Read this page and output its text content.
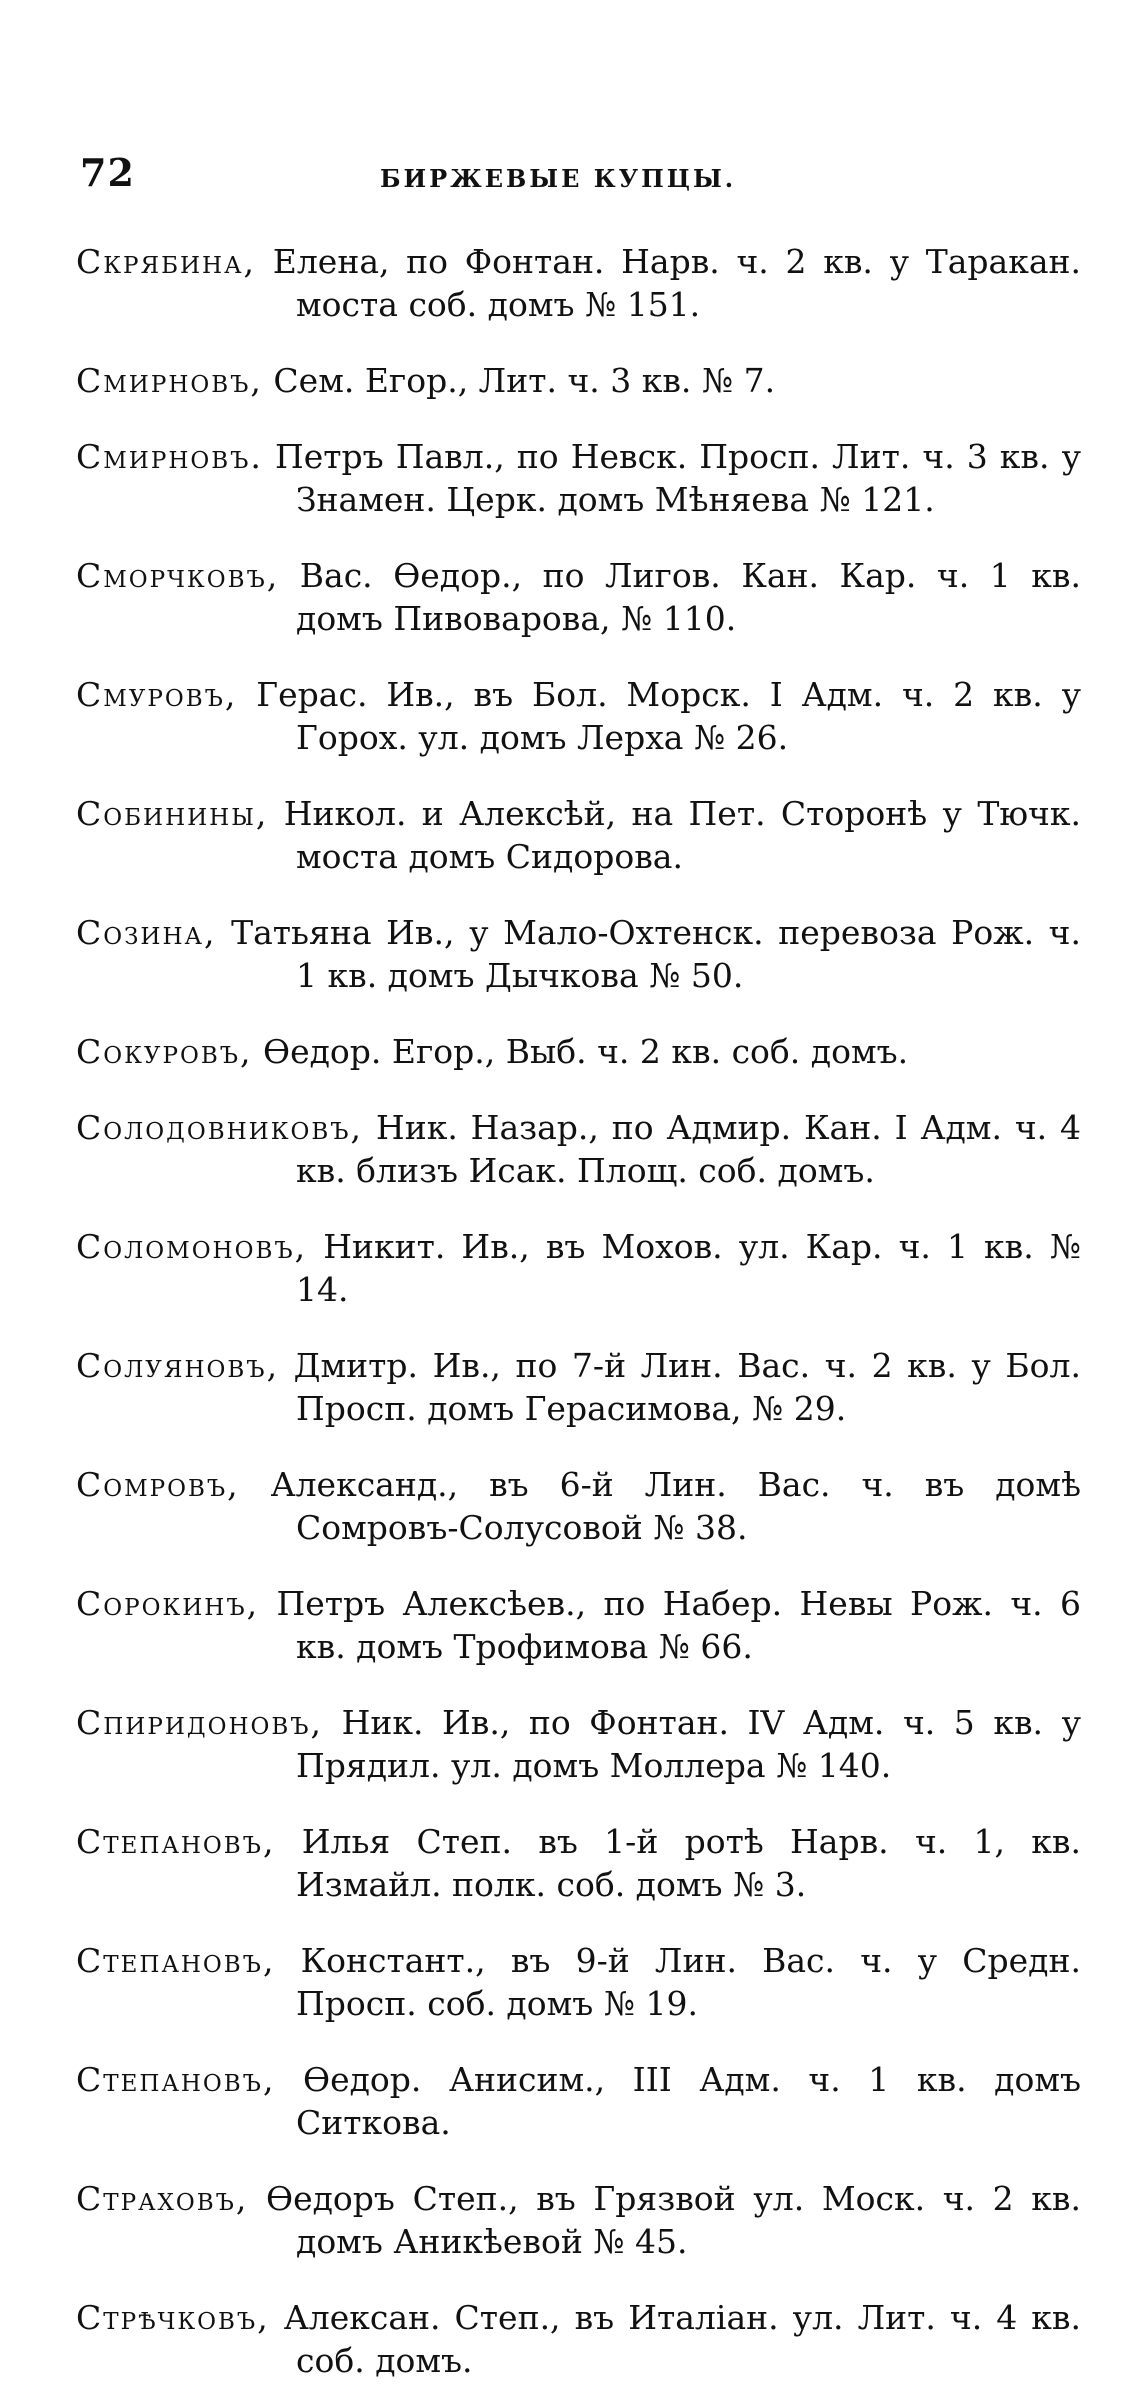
72	БИРЖЕВЫЕ КУПЦЫ.

Скрябина, Елена, по Фонтан. Нарв. ч. 2 кв. у Таракан. моста соб. домъ № 151.

Смирновъ, Сем. Егор., Лит. ч. 3 кв. № 7.

Смирновъ. Петръ Павл., по Невск. Просп. Лит. ч. 3 кв. у Знамен. Церк. домъ Мѣняева № 121.

Сморчковъ, Вас. Ѳедор., по Лигов. Кан. Кар. ч. 1 кв. домъ Пивоварова, № 110.

Смуровъ, Герас. Ив., въ Бол. Морск. I Адм. ч. 2 кв. у Горох. ул. домъ Лерха № 26.

Собинины, Никол. и Алексѣй, на Пет. Сторонѣ у Тючк. моста домъ Сидорова.

Созина, Татьяна Ив., у Мало-Охтенск. перевоза Рож. ч. 1 кв. домъ Дычкова № 50.

Сокуровъ, Ѳедор. Егор., Выб. ч. 2 кв. соб. домъ.

Солодовниковъ, Ник. Назар., по Адмир. Кан. I Адм. ч. 4 кв. близъ Исак. Площ. соб. домъ.

Соломоновъ, Никит. Ив., въ Мохов. ул. Кар. ч. 1 кв. № 14.

Солуяновъ, Дмитр. Ив., по 7-й Лин. Вас. ч. 2 кв. у Бол. Просп. домъ Герасимова, № 29.

Сомровъ, Александ., въ 6-й Лин. Вас. ч. въ домѣ Сомровъ-Солусовой № 38.

Сорокинъ, Петръ Алексѣев., по Набер. Невы Рож. ч. 6 кв. домъ Трофимова № 66.

Спиридоновъ, Ник. Ив., по Фонтан. IV Адм. ч. 5 кв. у Прядил. ул. домъ Моллера № 140.

Степановъ, Илья Степ. въ 1-й ротѣ Нарв. ч. 1, кв. Измайл. полк. соб. домъ № 3.

Степановъ, Констант., въ 9-й Лин. Вас. ч. у Средн. Просп. соб. домъ № 19.

Степановъ, Ѳедор. Анисим., III Адм. ч. 1 кв. домъ Ситкова.

Страховъ, Ѳедоръ Степ., въ Грязвой ул. Моск. ч. 2 кв. домъ Аникѣевой № 45.

Стрѣчковъ, Алексан. Степ., въ Италіан. ул. Лит. ч. 4 кв. соб. домъ.
